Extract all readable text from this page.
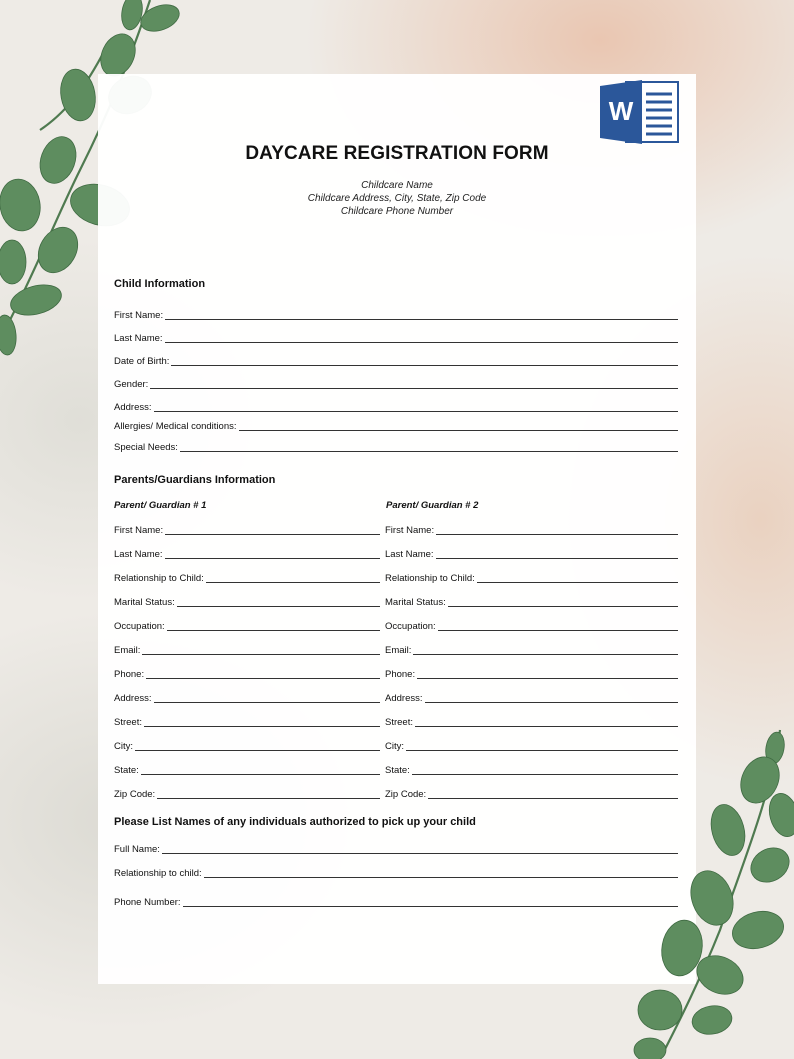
W
DAYCARE REGISTRATION FORM
Childcare Name
Childcare Address, City, State, Zip Code
Childcare Phone Number
Child Information
First Name:
Last Name:
Date of Birth:
Gender:
Address:
Allergies/ Medical conditions:
Special Needs:
Parents/Guardians Information
Parent/ Guardian # 1	Parent/ Guardian # 2
First Name:
Last Name:
Relationship to Child:
Marital Status:
Occupation:
Email:
Phone:
Address:
Street:
City:
State:
Zip Code:
First Name:
Last Name:
Relationship to Child:
Marital Status:
Occupation:
Email:
Phone:
Address:
Street:
City:
State:
Zip Code:
Please List Names of any individuals authorized to pick up your child
Full Name:
Relationship to child:
Phone Number:
